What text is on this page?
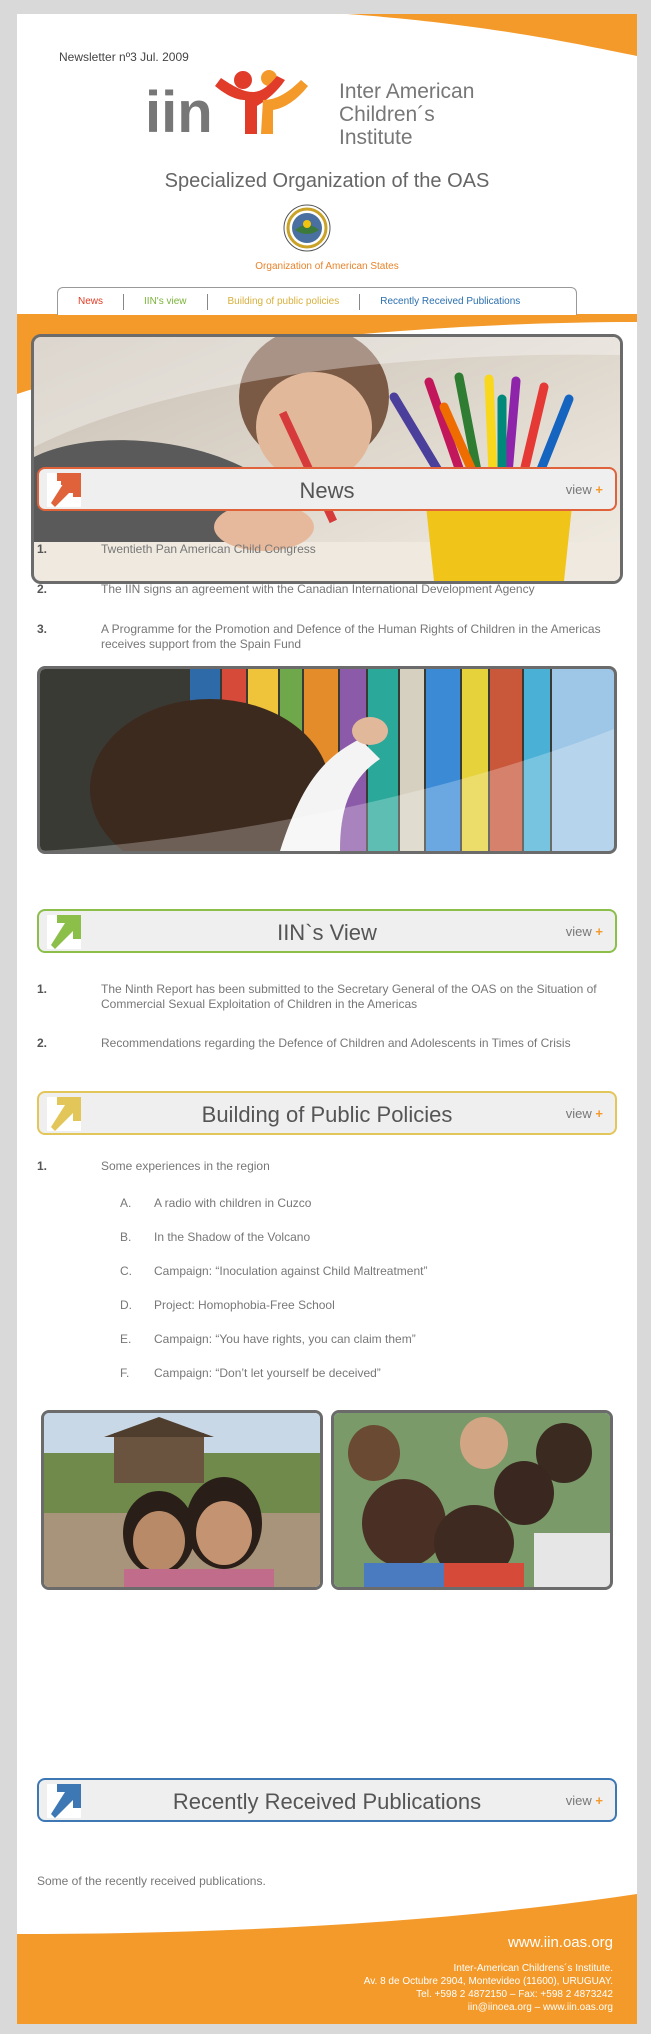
Newsletter nº3 Jul. 2009
iin	Inter American
Children´s
Institute
Specialized Organization of the OAS
Organization of American States
News	IIN's view	Building of public policies	Recently Received Publications
News	view +
1.	Twentieth Pan American Child Congress
2.	The IIN signs an agreement with the Canadian International Development Agency
3.	A Programme for the Promotion and Defence of the Human Rights of Children in the Americas receives support from the Spain Fund
IIN`s View	view +
1.	The Ninth Report has been submitted to the Secretary General of the OAS on the Situation of Commercial Sexual Exploitation of Children in the Americas
2.	Recommendations regarding the Defence of Children and Adolescents in Times of Crisis
Building of Public Policies	view +
1.	Some experiences in the region
A. A radio with children in Cuzco
B. In the Shadow of the Volcano
C. Campaign: “Inoculation against Child Maltreatment”
D. Project: Homophobia-Free School
E. Campaign: “You have rights, you can claim them”
F. Campaign: “Don’t let yourself be deceived”
Recently Received Publications	view +
Some of the recently received publications.
www.iin.oas.org
Inter-American Childrens´s Institute.
Av. 8 de Octubre 2904, Montevideo (11600), URUGUAY.
Tel. +598 2 4872150 – Fax: +598 2 4873242
iin@iinoea.org – www.iin.oas.org
